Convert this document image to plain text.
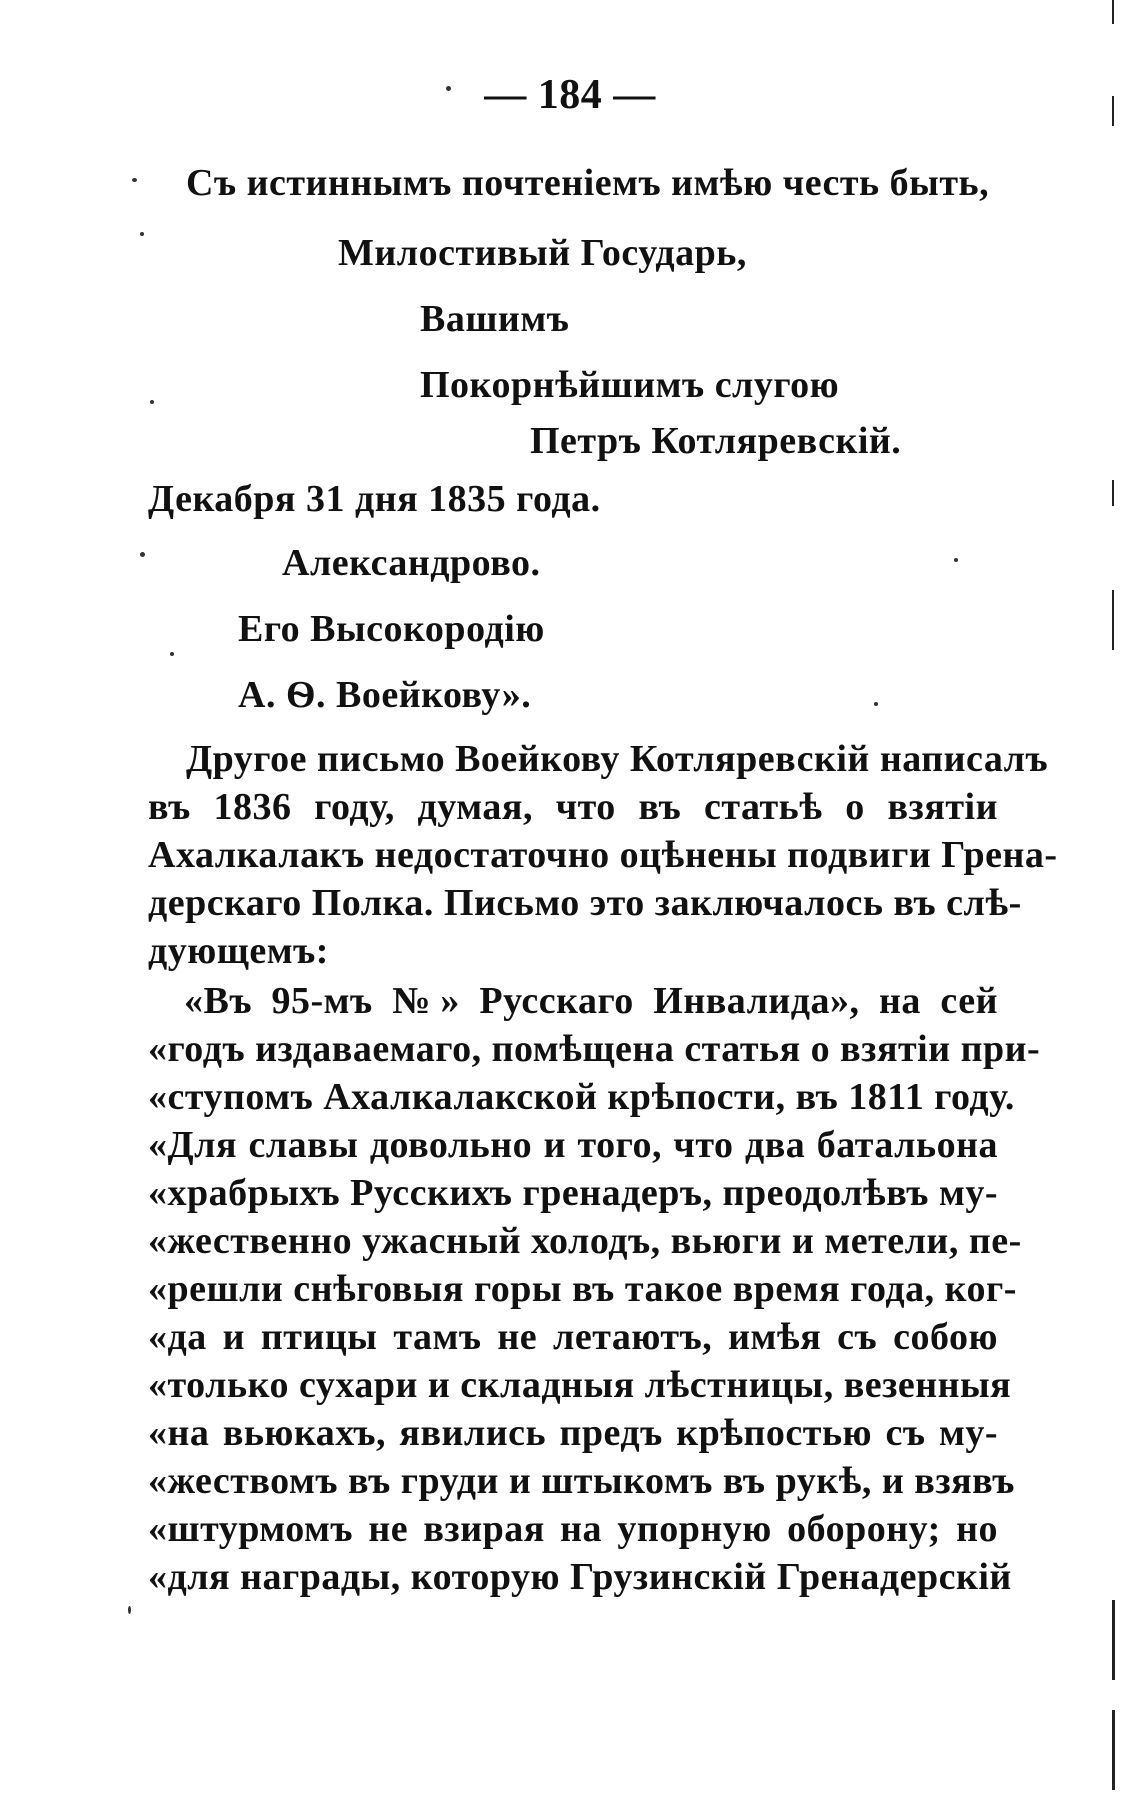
— 184 —
Съ истиннымъ почтеніемъ имѣю честь быть,
Милостивый Государь,
Вашимъ
Покорнѣйшимъ слугою
Петръ Котляревскій.
Декабря 31 дня 1835 года.
Александрово.
Его Высокородію
А. Ѳ. Воейкову».
Другое письмо Воейкову Котляревскій написалъ
въ 1836 году, думая, что въ статьѣ о взятіи
Ахалкалакъ недостаточно оцѣнены подвиги Грена-
дерскаго Полка. Письмо это заключалось въ слѣ-
дующемъ:
«Въ 95-мъ №» Русскаго Инвалида», на сей
«годъ издаваемаго, помѣщена статья о взятіи при-
«ступомъ Ахалкалакской крѣпости, въ 1811 году.
«Для славы довольно и того, что два батальона
«храбрыхъ Русскихъ гренадеръ, преодолѣвъ му-
«жественно ужасный холодъ, вьюги и метели, пе-
«решли снѣговыя горы въ такое время года, ког-
«да и птицы тамъ не летаютъ, имѣя съ собою
«только сухари и складныя лѣстницы, везенныя
«на вьюкахъ, явились предъ крѣпостью съ му-
«жествомъ въ груди и штыкомъ въ рукѣ, и взявъ
«штурмомъ не взирая на упорную оборону; но
«для награды, которую Грузинскій Гренадерскій
